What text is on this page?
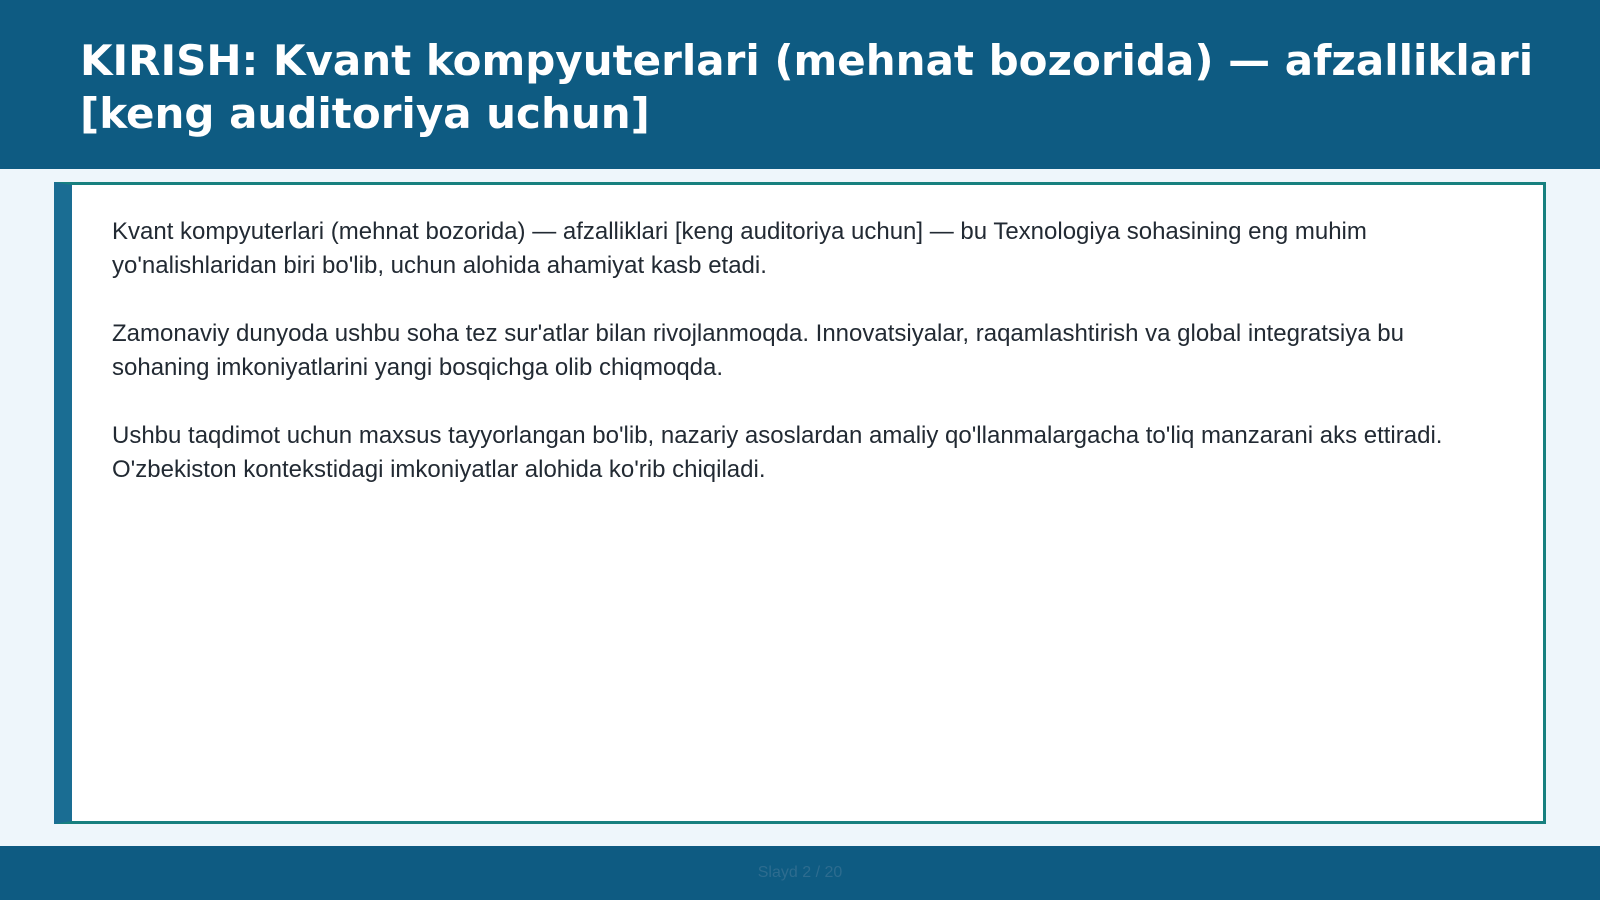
KIRISH: Kvant kompyuterlari (mehnat bozorida) — afzalliklari [keng auditoriya uchun]

Kvant kompyuterlari (mehnat bozorida) — afzalliklari [keng auditoriya uchun] — bu Texnologiya sohasining eng muhim yo'nalishlaridan biri bo'lib, uchun alohida ahamiyat kasb etadi.

Zamonaviy dunyoda ushbu soha tez sur'atlar bilan rivojlanmoqda. Innovatsiyalar, raqamlashtirish va global integratsiya bu sohaning imkoniyatlarini yangi bosqichga olib chiqmoqda.

Ushbu taqdimot uchun maxsus tayyorlangan bo'lib, nazariy asoslardan amaliy qo'llanmalargacha to'liq manzarani aks ettiradi. O'zbekiston kontekstidagi imkoniyatlar alohida ko'rib chiqiladi.

Slayd 2 / 20
